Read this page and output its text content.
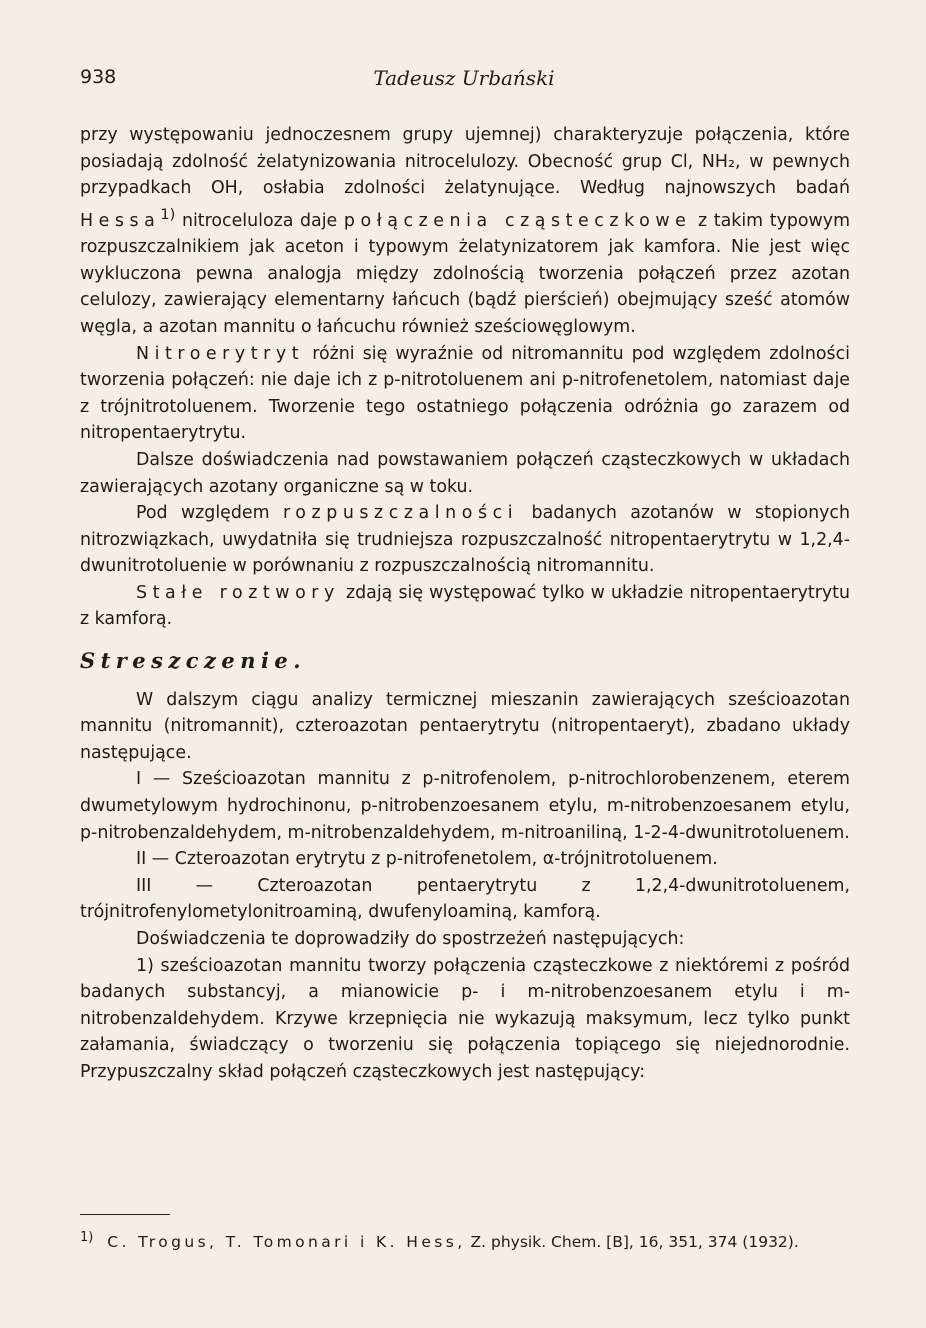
938	Tadeusz Urbański

przy występowaniu jednoczesnem grupy ujemnej) charakteryzuje połączenia, które posiadają zdolność żelatynizowania nitrocelulozy. Obecność grup Cl, NH₂, w pewnych przypadkach OH, osłabia zdolności żelatynujące. Według najnowszych badań Hessa$^{1)}$ nitroceluloza daje połączenia cząsteczkowe z takim typowym rozpuszczalnikiem jak aceton i typowym żelatynizatorem jak kamfora. Nie jest więc wykluczona pewna analogja między zdolnością tworzenia połączeń przez azotan celulozy, zawierający elementarny łańcuch (bądź pierścień) obejmujący sześć atomów węgla, a azotan mannitu o łańcuchu również sześciowęglowym.

Nitroerytryt różni się wyraźnie od nitromannitu pod względem zdolności tworzenia połączeń: nie daje ich z p-nitrotoluenem ani p-nitrofenetolem, natomiast daje z trójnitrotoluenem. Tworzenie tego ostatniego połączenia odróżnia go zarazem od nitropentaerytrytu.

Dalsze doświadczenia nad powstawaniem połączeń cząsteczkowych w układach zawierających azotany organiczne są w toku.

Pod względem rozpuszczalności badanych azotanów w stopionych nitrozwiązkach, uwydatniła się trudniejsza rozpuszczalność nitropentaerytrytu w 1,2,4-dwunitrotoluenie w porównaniu z rozpuszczalnością nitromannitu.

Stałe roztwory zdają się występować tylko w układzie nitropentaerytrytu z kamforą.

Streszczenie.

W dalszym ciągu analizy termicznej mieszanin zawierających sześcioazotan mannitu (nitromannit), czteroazotan pentaerytrytu (nitropentaeryt), zbadano układy następujące.

I — Sześcioazotan mannitu z p-nitrofenolem, p-nitrochlorobenzenem, eterem dwumetylowym hydrochinonu, p-nitrobenzoesanem etylu, m-nitrobenzoesanem etylu, p-nitrobenzaldehydem, m-nitrobenzaldehydem, m-nitroaniliną, 1-2-4-dwunitrotoluenem.

II — Czteroazotan erytrytu z p-nitrofenetolem, α-trójnitrotoluenem.

III — Czteroazotan pentaerytrytu z 1,2,4-dwunitrotoluenem, trójnitrofenylometylonitroaminą, dwufenyloaminą, kamforą.

Doświadczenia te doprowadziły do spostrzeżeń następujących:

1) sześcioazotan mannitu tworzy połączenia cząsteczkowe z niektóremi z pośród badanych substancyj, a mianowicie p- i m-nitrobenzoesanem etylu i m-nitrobenzaldehydem. Krzywe krzepnięcia nie wykazują maksymum, lecz tylko punkt załamania, świadczący o tworzeniu się połączenia topiącego się niejednorodnie. Przypuszczalny skład połączeń cząsteczkowych jest następujący:

$^{1)}$ C. Trogus, T. Tomonari i K. Hess, Z. physik. Chem. [B], 16, 351, 374 (1932).
